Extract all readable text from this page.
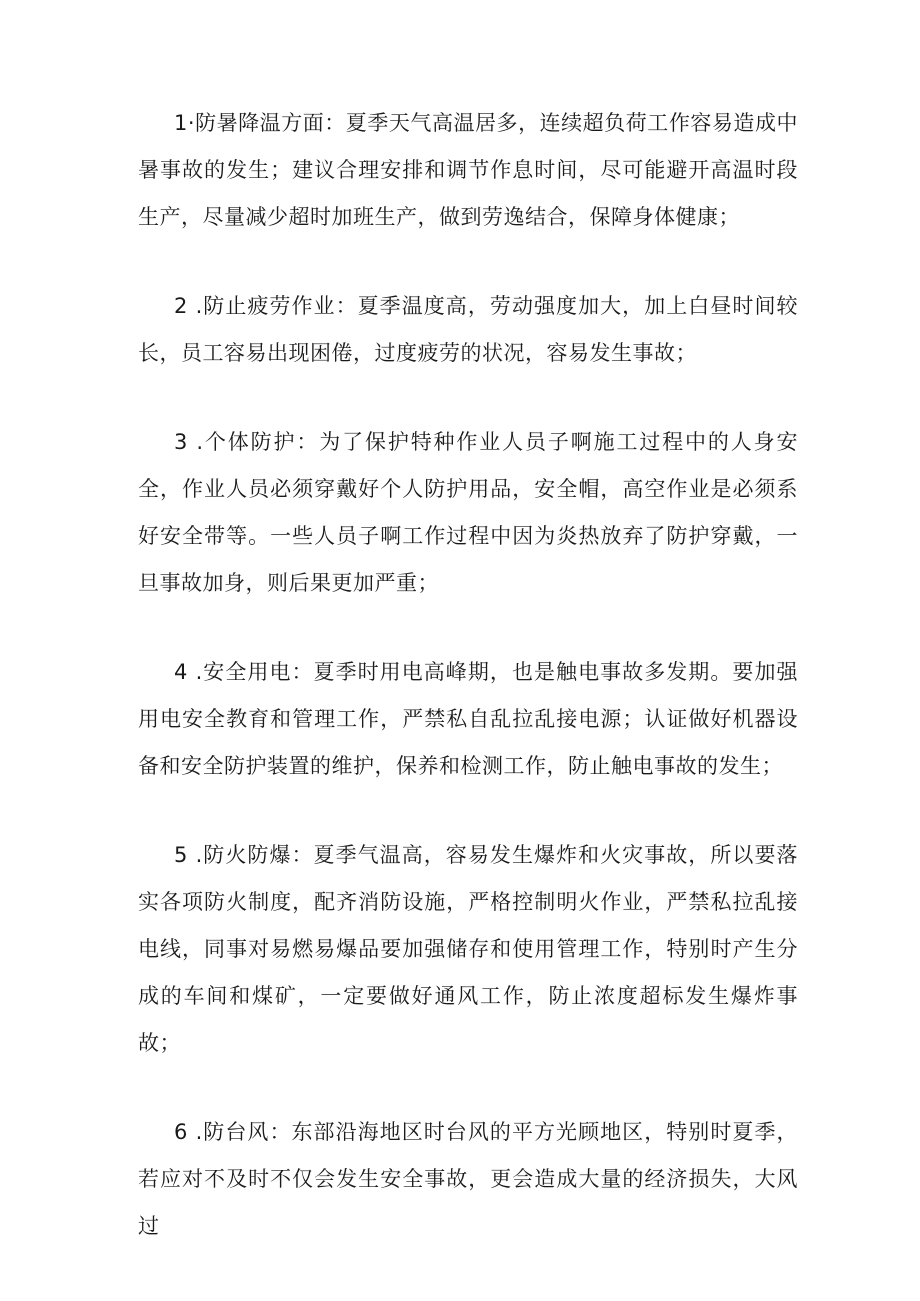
1·防暑降温方面：夏季天气高温居多，连续超负荷工作容易造成中暑事故的发生；建议合理安排和调节作息时间，尽可能避开高温时段生产，尽量减少超时加班生产，做到劳逸结合，保障身体健康；

2 .防止疲劳作业：夏季温度高，劳动强度加大，加上白昼时间较长，员工容易出现困倦，过度疲劳的状况，容易发生事故；

3 .个体防护：为了保护特种作业人员子啊施工过程中的人身安全，作业人员必须穿戴好个人防护用品，安全帽，高空作业是必须系好安全带等。一些人员子啊工作过程中因为炎热放弃了防护穿戴，一旦事故加身，则后果更加严重；

4 .安全用电：夏季时用电高峰期，也是触电事故多发期。要加强用电安全教育和管理工作，严禁私自乱拉乱接电源；认证做好机器设备和安全防护装置的维护，保养和检测工作，防止触电事故的发生；

5 .防火防爆：夏季气温高，容易发生爆炸和火灾事故，所以要落实各项防火制度，配齐消防设施，严格控制明火作业，严禁私拉乱接电线，同事对易燃易爆品要加强储存和使用管理工作，特别时产生分成的车间和煤矿，一定要做好通风工作，防止浓度超标发生爆炸事故；

6 .防台风：东部沿海地区时台风的平方光顾地区，特别时夏季，若应对不及时不仅会发生安全事故，更会造成大量的经济损失，大风过
